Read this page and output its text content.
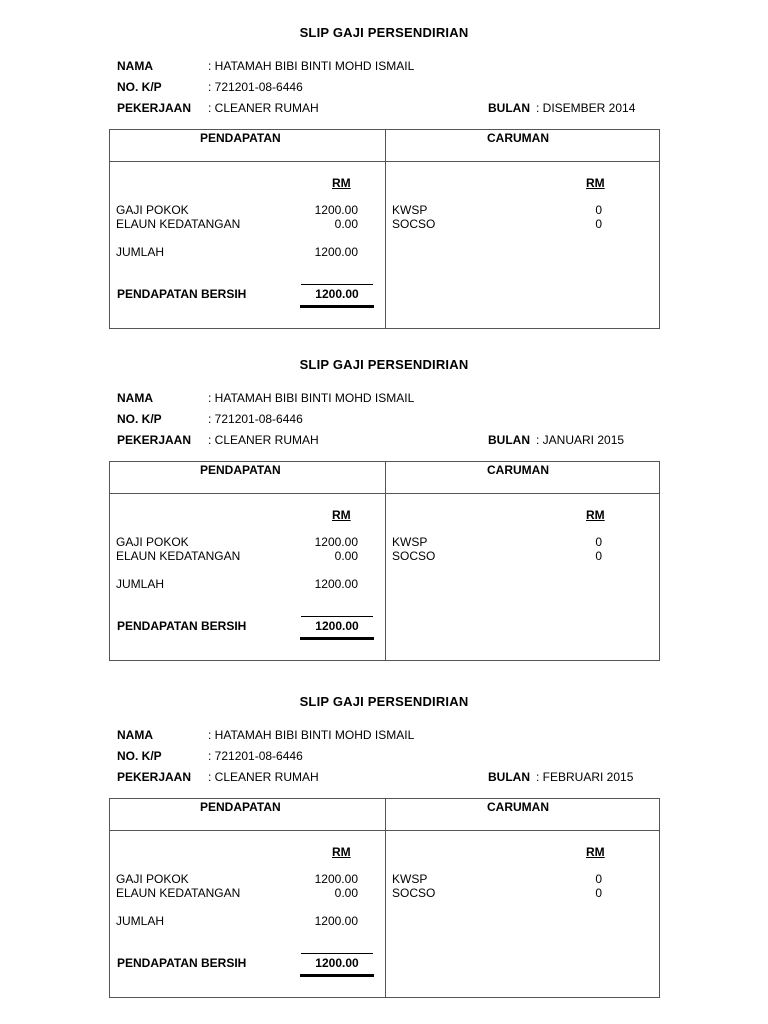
SLIP GAJI PERSENDIRIAN
NAMA	: HATAMAH BIBI BINTI MOHD ISMAIL
NO. K/P	: 721201-08-6446
PEKERJAAN : CLEANER RUMAH	BULAN : DISEMBER 2014
PENDAPATAN	CARUMAN
RM	RM
GAJI POKOK	1200.00
ELAUN KEDATANGAN	0.00
JUMLAH	1200.00
KWSP	0
SOCSO	0
PENDAPATAN BERSIH	1200.00
SLIP GAJI PERSENDIRIAN
NAMA	: HATAMAH BIBI BINTI MOHD ISMAIL
NO. K/P	: 721201-08-6446
PEKERJAAN : CLEANER RUMAH	BULAN : JANUARI 2015
PENDAPATAN	CARUMAN
RM	RM
GAJI POKOK	1200.00
ELAUN KEDATANGAN	0.00
JUMLAH	1200.00
KWSP	0
SOCSO	0
PENDAPATAN BERSIH	1200.00
SLIP GAJI PERSENDIRIAN
NAMA	: HATAMAH BIBI BINTI MOHD ISMAIL
NO. K/P	: 721201-08-6446
PEKERJAAN : CLEANER RUMAH	BULAN : FEBRUARI 2015
PENDAPATAN	CARUMAN
RM	RM
GAJI POKOK	1200.00
ELAUN KEDATANGAN	0.00
JUMLAH	1200.00
KWSP	0
SOCSO	0
PENDAPATAN BERSIH	1200.00
